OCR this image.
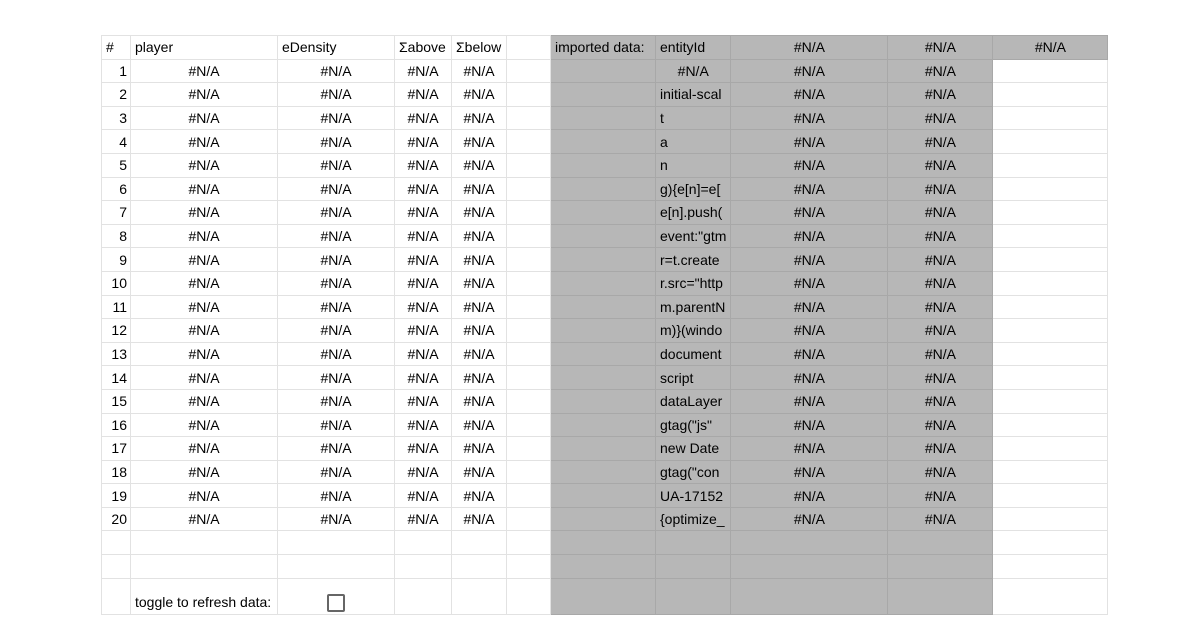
#	player	eDensity	Σabove	Σbelow		imported data:	entityId	#N/A	#N/A	#N/A
1	#N/A	#N/A	#N/A	#N/A			#N/A	#N/A	#N/A	
2	#N/A	#N/A	#N/A	#N/A			initial-scal	#N/A	#N/A	
3	#N/A	#N/A	#N/A	#N/A			t	#N/A	#N/A	
4	#N/A	#N/A	#N/A	#N/A			a	#N/A	#N/A	
5	#N/A	#N/A	#N/A	#N/A			n	#N/A	#N/A	
6	#N/A	#N/A	#N/A	#N/A			g){e[n]=e[	#N/A	#N/A	
7	#N/A	#N/A	#N/A	#N/A			e[n].push(	#N/A	#N/A	
8	#N/A	#N/A	#N/A	#N/A			event:"gtm	#N/A	#N/A	
9	#N/A	#N/A	#N/A	#N/A			r=t.create	#N/A	#N/A	
10	#N/A	#N/A	#N/A	#N/A			r.src="http	#N/A	#N/A	
11	#N/A	#N/A	#N/A	#N/A			m.parentN	#N/A	#N/A	
12	#N/A	#N/A	#N/A	#N/A			m)}(windo	#N/A	#N/A	
13	#N/A	#N/A	#N/A	#N/A			document	#N/A	#N/A	
14	#N/A	#N/A	#N/A	#N/A			script	#N/A	#N/A	
15	#N/A	#N/A	#N/A	#N/A			dataLayer	#N/A	#N/A	
16	#N/A	#N/A	#N/A	#N/A			gtag("js"	#N/A	#N/A	
17	#N/A	#N/A	#N/A	#N/A			new Date	#N/A	#N/A	
18	#N/A	#N/A	#N/A	#N/A			gtag("con	#N/A	#N/A	
19	#N/A	#N/A	#N/A	#N/A			UA-17152	#N/A	#N/A	
20	#N/A	#N/A	#N/A	#N/A			{optimize_	#N/A	#N/A	

	toggle to refresh data:									
